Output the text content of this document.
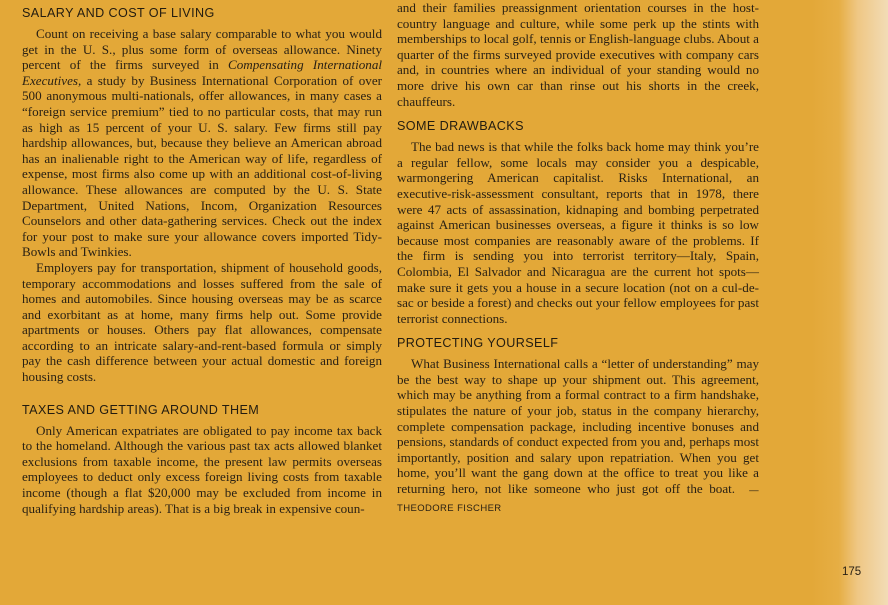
SALARY AND COST OF LIVING

Count on receiving a base salary comparable to what you would get in the U. S., plus some form of overseas allowance. Ninety percent of the firms surveyed in Compensating International Executives, a study by Business International Corporation of over 500 anonymous multi-nationals, offer allowances, in many cases a “foreign service premium” tied to no particular costs, that may run as high as 15 percent of your U. S. salary. Few firms still pay hardship allowances, but, because they believe an American abroad has an inalienable right to the American way of life, regardless of expense, most firms also come up with an additional cost-of-living allowance. These allowances are computed by the U. S. State Department, United Nations, Incom, Organization Resources Counselors and other data-gathering services. Check out the index for your post to make sure your allowance covers imported Tidy-Bowls and Twinkies.

Employers pay for transportation, shipment of household goods, temporary accommodations and losses suffered from the sale of homes and automobiles. Since housing overseas may be as scarce and exorbitant as at home, many firms help out. Some provide apartments or houses. Others pay flat allowances, compensate according to an intricate salary-and-rent-based formula or simply pay the cash difference between your actual domestic and foreign housing costs.

TAXES AND GETTING AROUND THEM

Only American expatriates are obligated to pay income tax back to the homeland. Although the various past tax acts allowed blanket exclusions from taxable income, the present law permits overseas employees to deduct only excess foreign living costs from taxable income (though a flat $20,000 may be excluded from income in qualifying hardship areas). That is a big break in expensive coun-

and their families preassignment orientation courses in the host-country language and culture, while some perk up the stints with memberships to local golf, tennis or English-language clubs. About a quarter of the firms surveyed provide executives with company cars and, in countries where an individual of your standing would no more drive his own car than rinse out his shorts in the creek, chauffeurs.

SOME DRAWBACKS

The bad news is that while the folks back home may think you’re a regular fellow, some locals may consider you a despicable, warmongering American capitalist. Risks International, an executive-risk-assessment consultant, reports that in 1978, there were 47 acts of assassination, kidnaping and bombing perpetrated against American businesses overseas, a figure it thinks is so low because most companies are reasonably aware of the problems. If the firm is sending you into terrorist territory—Italy, Spain, Colombia, El Salvador and Nicaragua are the current hot spots—make sure it gets you a house in a secure location (not on a cul-de-sac or beside a forest) and checks out your fellow employees for past terrorist connections.

PROTECTING YOURSELF

What Business International calls a “letter of understanding” may be the best way to shape up your shipment out. This agreement, which may be anything from a formal contract to a firm handshake, stipulates the nature of your job, status in the company hierarchy, complete compensation package, including incentive bonuses and pensions, standards of conduct expected from you and, perhaps most importantly, position and salary upon repatriation. When you get home, you’ll want the gang down at the office to treat you like a returning hero, not like someone who just got off the boat. —THEODORE FISCHER

175
